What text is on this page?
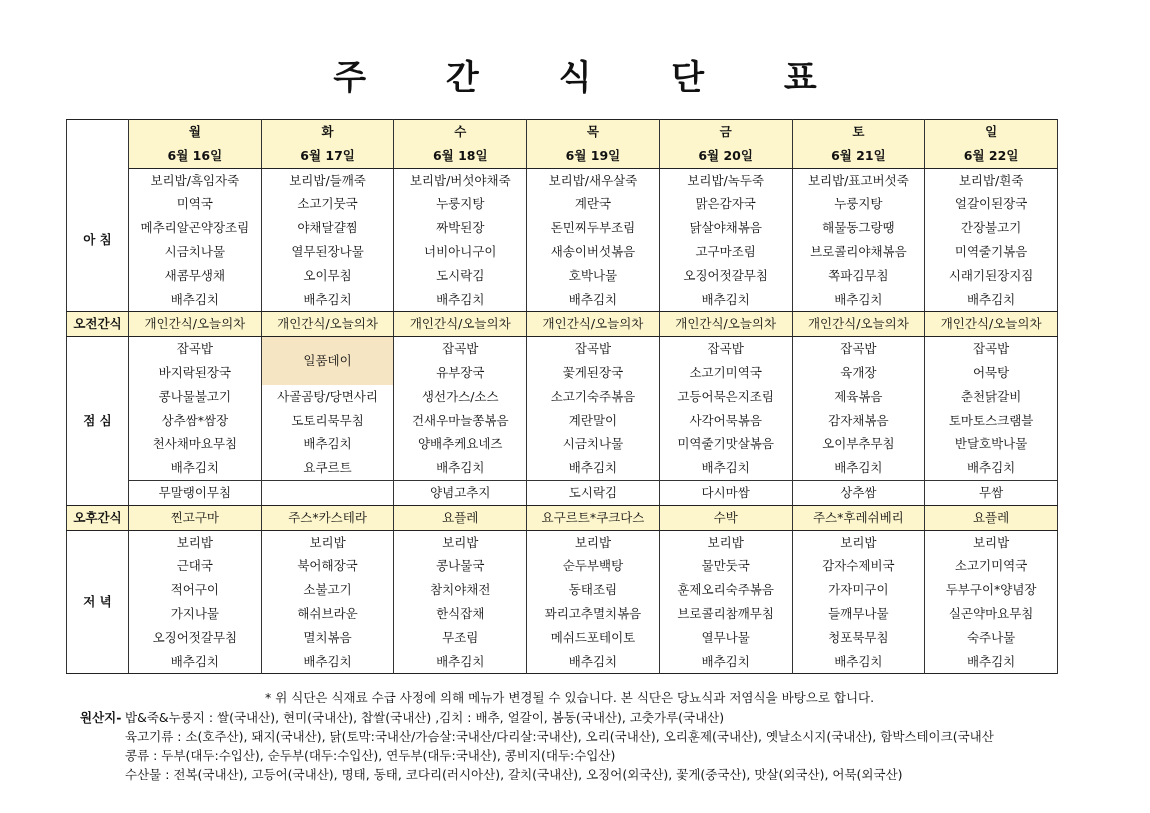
주 간 식 단 표
	월	화	수	목	금	토	일
	6월 16일	6월 17일	6월 18일	6월 19일	6월 20일	6월 21일	6월 22일
아 침	보리밥/흑임자죽	보리밥/들깨죽	보리밥/버섯야채죽	보리밥/새우살죽	보리밥/녹두죽	보리밥/표고버섯죽	보리밥/흰죽
	미역국	소고기뭇국	누룽지탕	계란국	맑은감자국	누룽지탕	얼갈이된장국
	메추리알곤약장조림	야채달걀찜	짜박된장	돈민찌두부조림	닭살야채볶음	해물동그랑땡	간장불고기
	시금치나물	열무된장나물	너비아니구이	새송이버섯볶음	고구마조림	브로콜리야채볶음	미역줄기볶음
	새콤무생채	오이무침	도시락김	호박나물	오징어젓갈무침	쪽파김무침	시래기된장지짐
	배추김치	배추김치	배추김치	배추김치	배추김치	배추김치	배추김치
오전간식	개인간식/오늘의차	개인간식/오늘의차	개인간식/오늘의차	개인간식/오늘의차	개인간식/오늘의차	개인간식/오늘의차	개인간식/오늘의차
점 심	잡곡밥	일품데이	잡곡밥	잡곡밥	잡곡밥	잡곡밥	잡곡밥
	바지락된장국		유부장국	꽃게된장국	소고기미역국	육개장	어묵탕
	콩나물불고기	사골곰탕/당면사리	생선가스/소스	소고기숙주볶음	고등어묵은지조림	제육볶음	춘천닭갈비
	상추쌈*쌈장	도토리묵무침	건새우마늘쫑볶음	계란말이	사각어묵볶음	감자채볶음	토마토스크램블
	천사채마요무침	배추김치	양배추케요네즈	시금치나물	미역줄기맛살볶음	오이부추무침	반달호박나물
	배추김치	요쿠르트	배추김치	배추김치	배추김치	배추김치	배추김치
	무말랭이무침		양념고추지	도시락김	다시마쌈	상추쌈	무쌈
오후간식	찐고구마	주스*카스테라	요플레	요구르트*쿠크다스	수박	주스*후레쉬베리	요플레
저 녁	보리밥	보리밥	보리밥	보리밥	보리밥	보리밥	보리밥
	근대국	북어해장국	콩나물국	순두부백탕	물만둣국	감자수제비국	소고기미역국
	적어구이	소불고기	참치야채전	동태조림	훈제오리숙주볶음	가자미구이	두부구이*양념장
	가지나물	해쉬브라운	한식잡채	꽈리고추멸치볶음	브로콜리참깨무침	들깨무나물	실곤약마요무침
	오징어젓갈무침	멸치볶음	무조림	메쉬드포테이토	열무나물	청포묵무침	숙주나물
	배추김치	배추김치	배추김치	배추김치	배추김치	배추김치	배추김치
* 위 식단은 식재료 수급 사정에 의해 메뉴가 변경될 수 있습니다. 본 식단은 당뇨식과 저염식을 바탕으로 합니다.
원산지- 밥&죽&누룽지 : 쌀(국내산), 현미(국내산), 찹쌀(국내산) ,김치 : 배추, 얼갈이, 봄동(국내산), 고춧가루(국내산)
육고기류 : 소(호주산), 돼지(국내산), 닭(토막:국내산/가슴살:국내산/다리살:국내산), 오리(국내산), 오리훈제(국내산), 옛날소시지(국내산), 함박스테이크(국내산
콩류 : 두부(대두:수입산), 순두부(대두:수입산), 연두부(대두:국내산), 콩비지(대두:수입산)
수산물 : 전복(국내산), 고등어(국내산), 명태, 동태, 코다리(러시아산), 갈치(국내산), 오징어(외국산), 꽃게(중국산), 맛살(외국산), 어묵(외국산)
